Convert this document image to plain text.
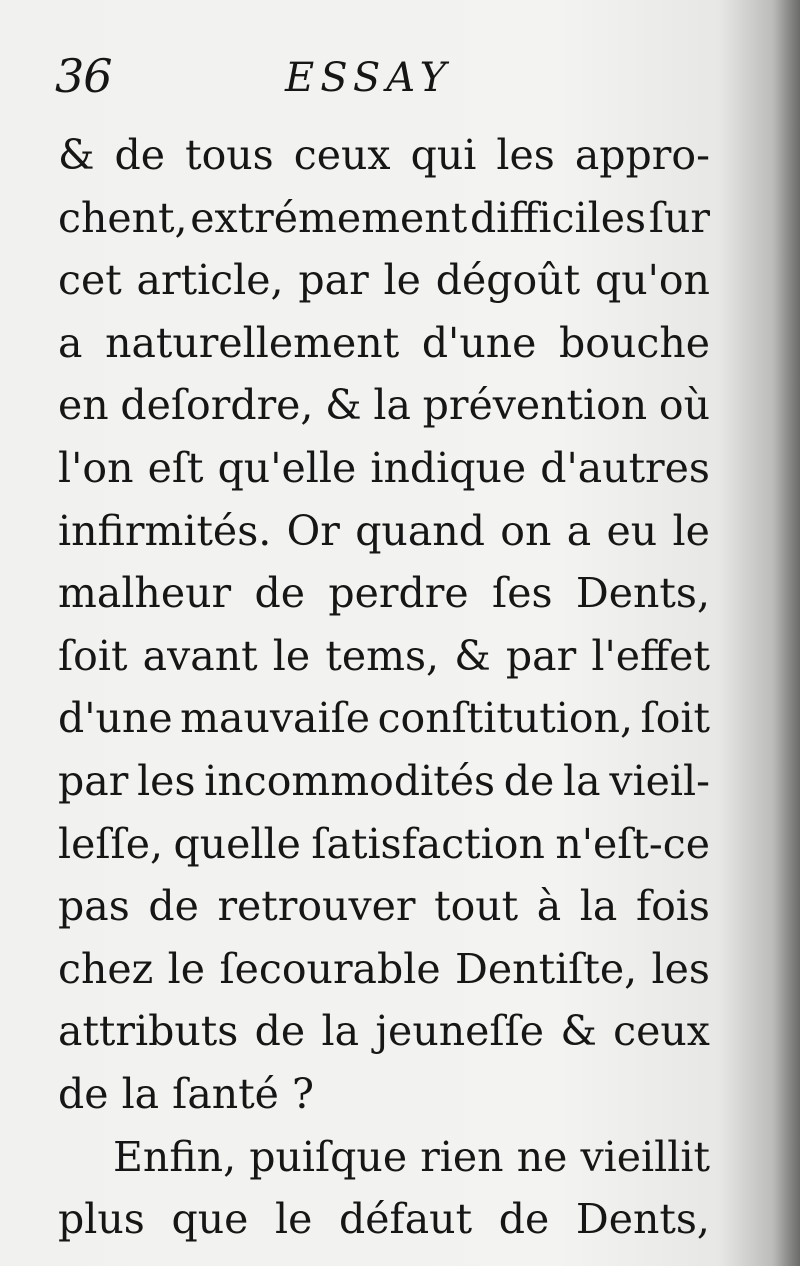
36	ESSAY
& de tous ceux qui les appro-
chent, extrémement difficiles ſur
cet article, par le dégoût qu'on
a naturellement d'une bouche
en deſordre, & la prévention où
l'on eſt qu'elle indique d'autres
infirmités. Or quand on a eu le
malheur de perdre ſes Dents,
ſoit avant le tems, & par l'effet
d'une mauvaiſe conſtitution, ſoit
par les incommodités de la vieil-
leſſe, quelle ſatisfaction n'eſt-ce
pas de retrouver tout à la fois
chez le ſecourable Dentiſte, les
attributs de la jeuneſſe & ceux
de
la
ſanté
?
Enfin, puiſque rien ne vieillit
plus que le défaut de Dents,
